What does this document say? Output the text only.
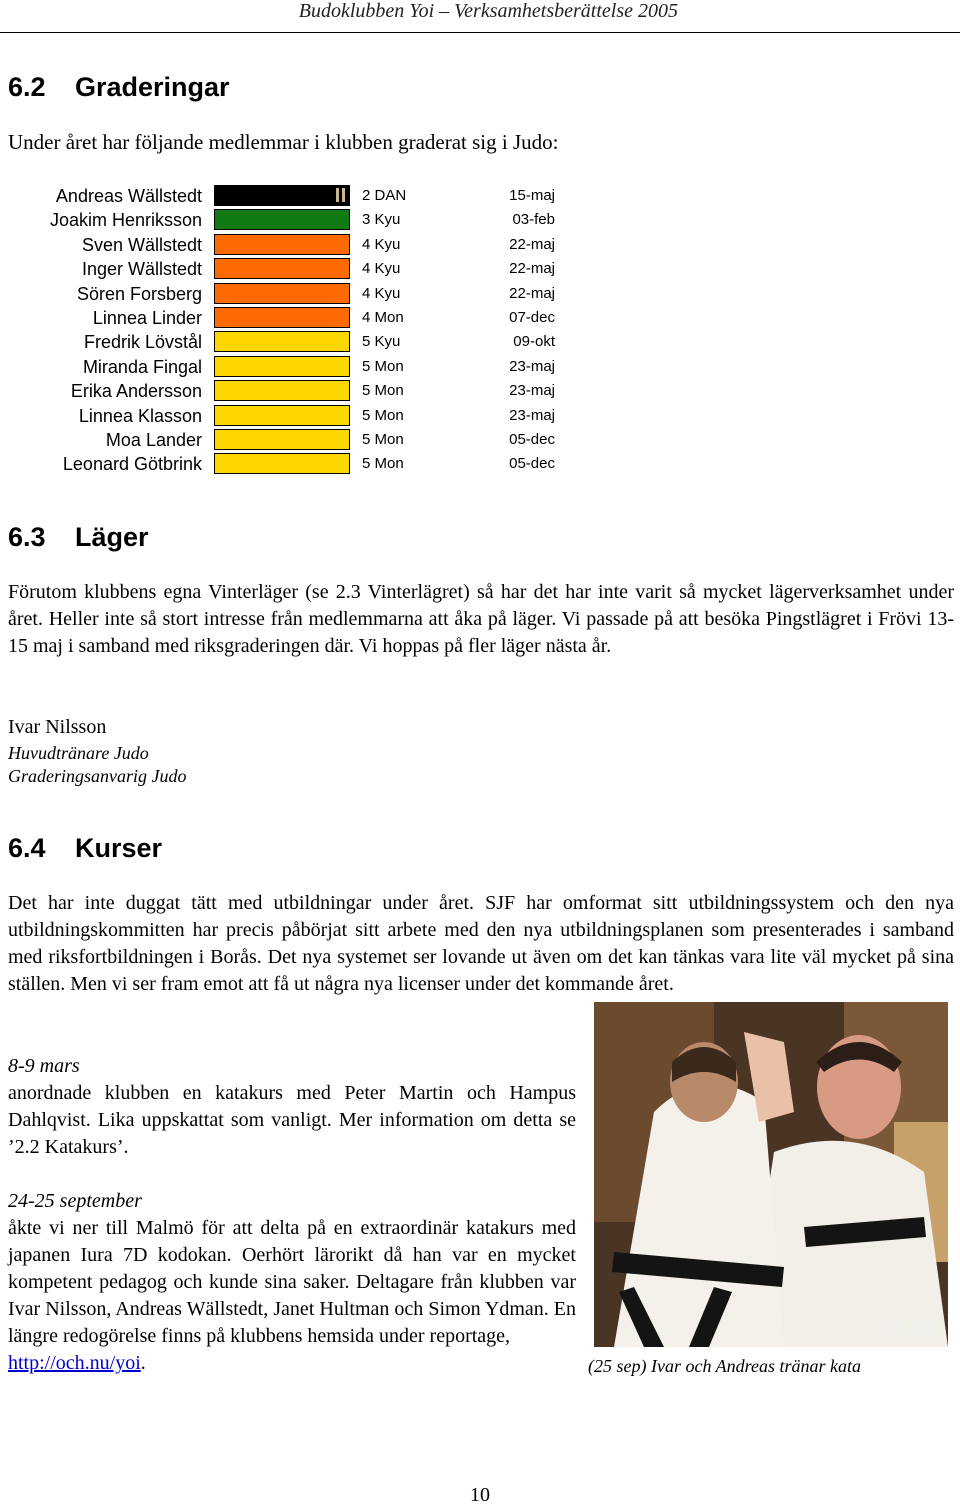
Budoklubben Yoi – Verksamhetsberättelse 2005
6.2 Graderingar
Under året har följande medlemmar i klubben graderat sig i Judo:
Andreas Wällstedt	2 DAN	15-maj
Joakim Henriksson	3 Kyu	03-feb
Sven Wällstedt	4 Kyu	22-maj
Inger Wällstedt	4 Kyu	22-maj
Sören Forsberg	4 Kyu	22-maj
Linnea Linder	4 Mon	07-dec
Fredrik Lövstål	5 Kyu	09-okt
Miranda Fingal	5 Mon	23-maj
Erika Andersson	5 Mon	23-maj
Linnea Klasson	5 Mon	23-maj
Moa Lander	5 Mon	05-dec
Leonard Götbrink	5 Mon	05-dec
6.3 Läger
Förutom klubbens egna Vinterläger (se 2.3 Vinterlägret) så har det har inte varit så mycket lägerverksamhet under året. Heller inte så stort intresse från medlemmarna att åka på läger. Vi passade på att besöka Pingstlägret i Frövi 13-15 maj i samband med riksgraderingen där. Vi hoppas på fler läger nästa år.
Ivar Nilsson
Huvudtränare Judo
Graderingsanvarig Judo
6.4 Kurser
Det har inte duggat tätt med utbildningar under året. SJF har omformat sitt utbildningssystem och den nya utbildningskommitten har precis påbörjat sitt arbete med den nya utbildningsplanen som presenterades i samband med riksfortbildningen i Borås. Det nya systemet ser lovande ut även om det kan tänkas vara lite väl mycket på sina ställen. Men vi ser fram emot att få ut några nya licenser under det kommande året.
8-9 mars
anordnade klubben en katakurs med Peter Martin och Hampus Dahlqvist. Lika uppskattat som vanligt. Mer information om detta se ’2.2 Katakurs’.
24-25 september
åkte vi ner till Malmö för att delta på en extraordinär katakurs med japanen Iura 7D kodokan. Oerhört lärorikt då han var en mycket kompetent pedagog och kunde sina saker. Deltagare från klubben var Ivar Nilsson, Andreas Wällstedt, Janet Hultman och Simon Ydman. En längre redogörelse finns på klubbens hemsida under reportage,
http://och.nu/yoi.
09 25
(25 sep) Ivar och Andreas tränar kata
10
